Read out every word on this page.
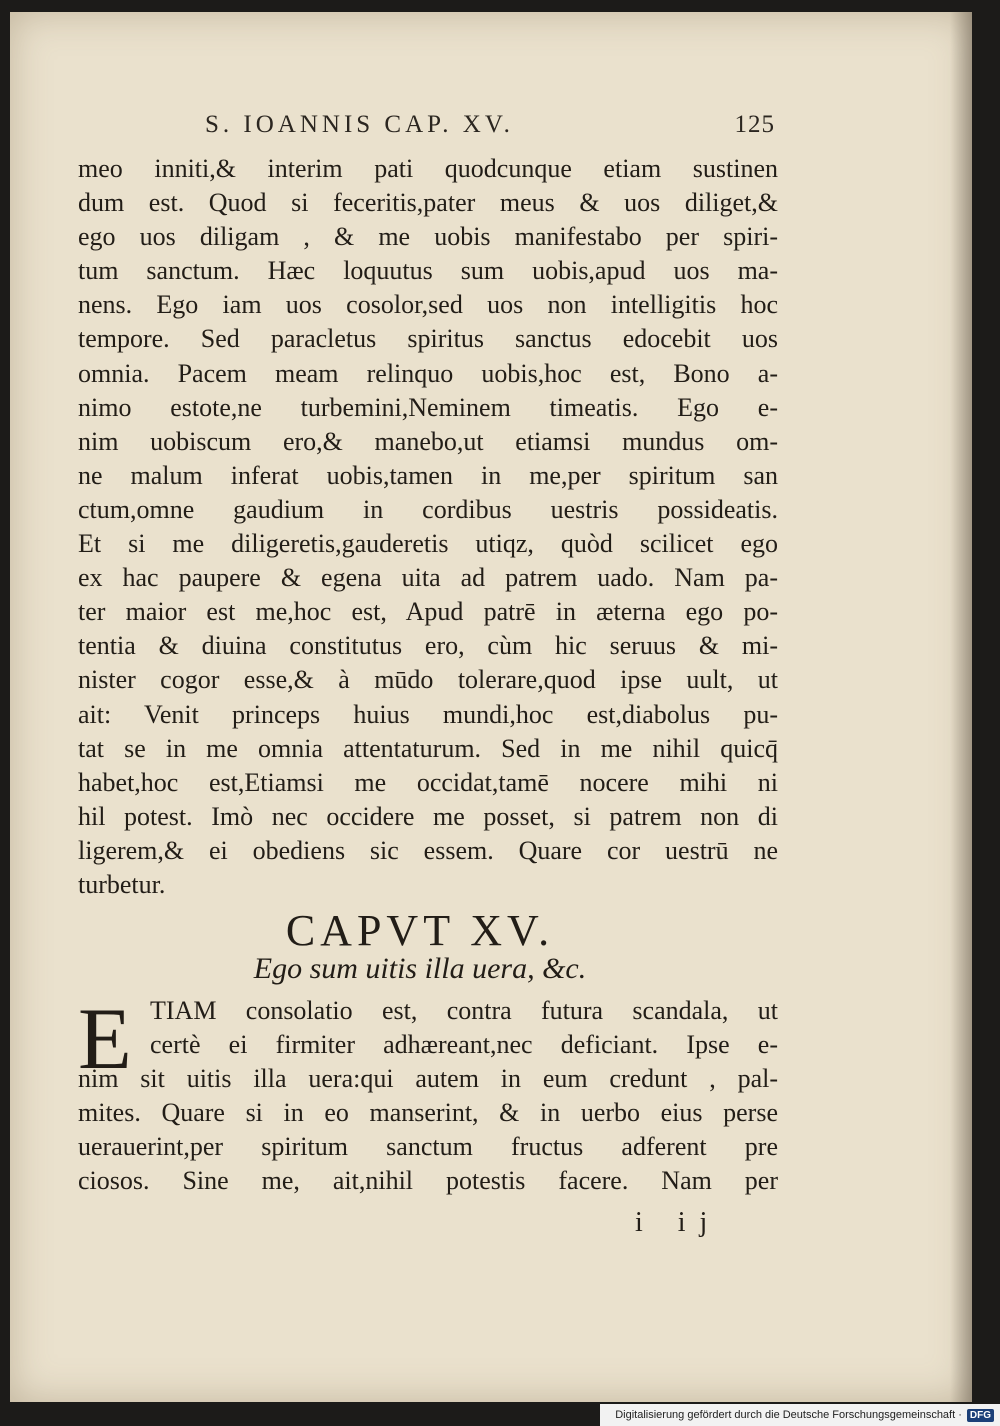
S. IOANNIS CAP. XV.	125
meo inniti,& interim pati quodcunque etiam sustinen
dum est. Quod si feceritis,pater meus & uos diliget,&
ego uos diligam , & me uobis manifestabo per spiri-
tum sanctum. Hæc loquutus sum uobis,apud uos ma-
nens. Ego iam uos cosolor,sed uos non intelligitis hoc
tempore. Sed paracletus spiritus sanctus edocebit uos
omnia. Pacem meam relinquo uobis,hoc est, Bono a-
nimo estote,ne turbemini,Neminem timeatis. Ego e-
nim uobiscum ero,& manebo,ut etiamsi mundus om-
ne malum inferat uobis,tamen in me,per spiritum san
ctum,omne gaudium in cordibus uestris possideatis.
Et si me diligeretis,gauderetis utiqz, quòd scilicet ego
ex hac paupere & egena uita ad patrem uado. Nam pa-
ter maior est me,hoc est, Apud patrē in æterna ego po-
tentia & diuina constitutus ero, cùm hic seruus & mi-
nister cogor esse,& à mūdo tolerare,quod ipse uult, ut
ait: Venit princeps huius mundi,hoc est,diabolus pu-
tat se in me omnia attentaturum. Sed in me nihil quicq̄
habet,hoc est,Etiamsi me occidat,tamē nocere mihi ni
hil potest. Imò nec occidere me posset, si patrem non di
ligerem,& ei obediens sic essem. Quare cor uestrū ne
turbetur.
CAPVT XV.
Ego sum uitis illa uera, &c.
E TIAM consolatio est, contra futura scandala, ut
certè ei firmiter adhæreant,nec deficiant. Ipse e-
nim sit uitis illa uera:qui autem in eum credunt , pal-
mites. Quare si in eo manserint, & in uerbo eius perse
uerauerint,per spiritum sanctum fructus adferent pre
ciosos. Sine me, ait,nihil potestis facere. Nam per
i ij
Digitalisierung gefördert durch die Deutsche Forschungsgemeinschaft · DFG
